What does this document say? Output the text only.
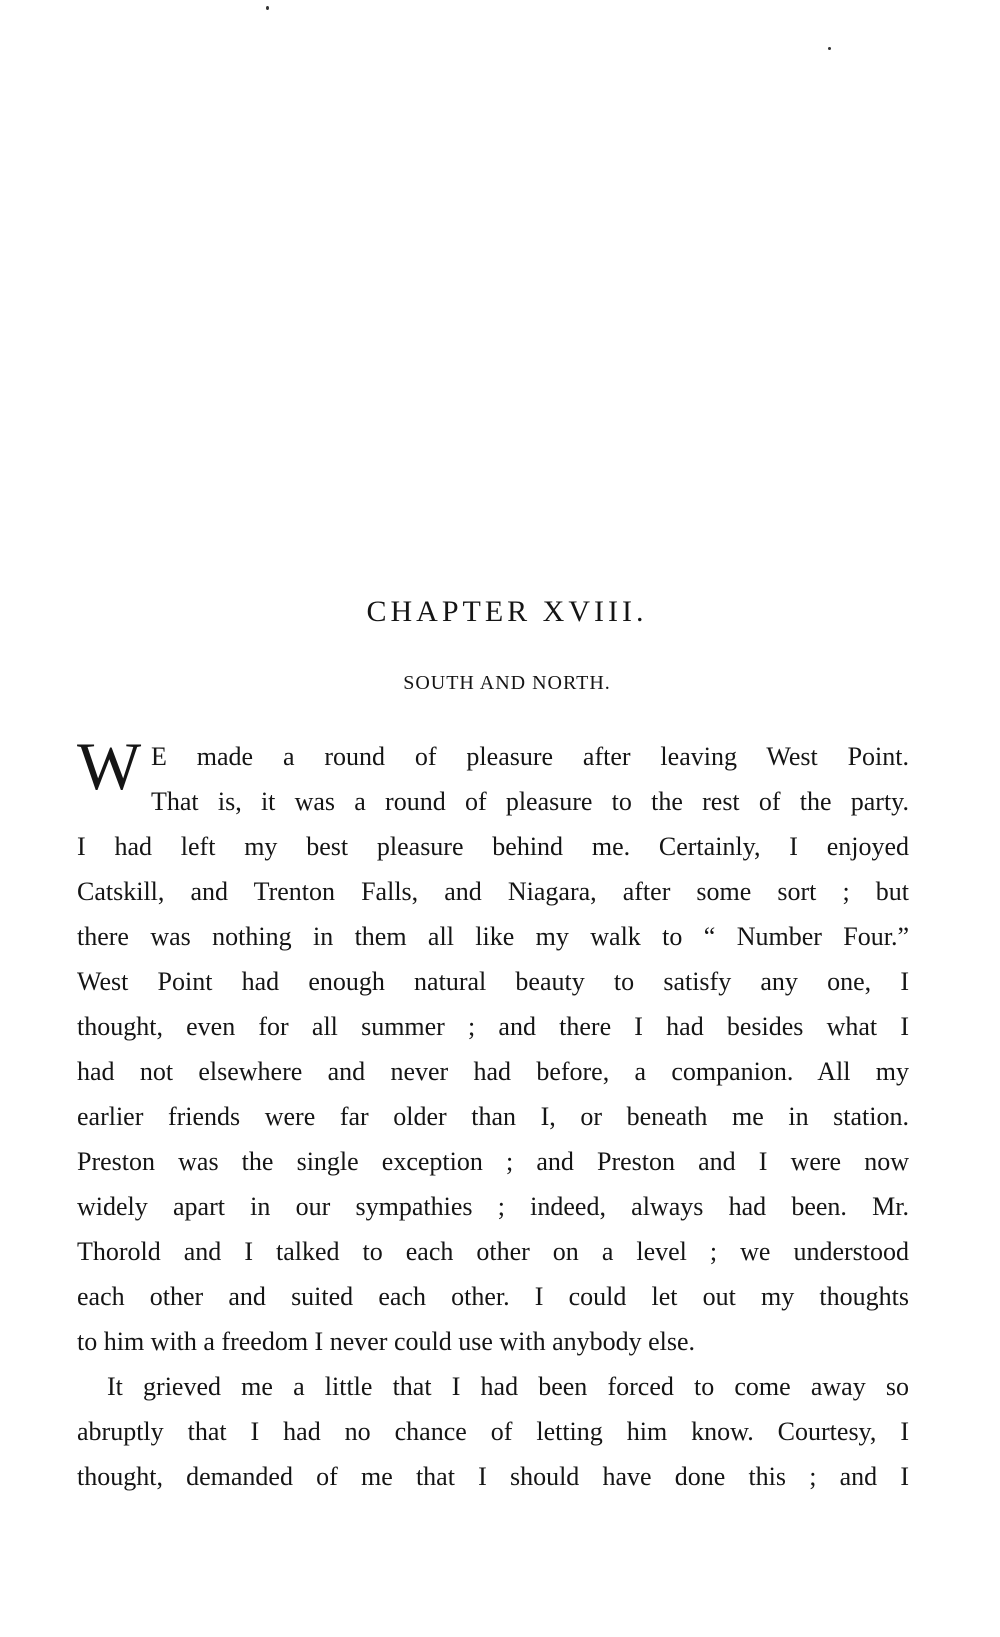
CHAPTER XVIII.
SOUTH AND NORTH.
W E made a round of pleasure after leaving West Point.
That is, it was a round of pleasure to the rest of the party.
I had left my best pleasure behind me. Certainly, I enjoyed
Catskill, and Trenton Falls, and Niagara, after some sort ; but
there was nothing in them all like my walk to “ Number Four.”
West Point had enough natural beauty to satisfy any one, I
thought, even for all summer ; and there I had besides what I
had not elsewhere and never had before, a companion. All my
earlier friends were far older than I, or beneath me in station.
Preston was the single exception ; and Preston and I were now
widely apart in our sympathies ; indeed, always had been. Mr.
Thorold and I talked to each other on a level ; we understood
each other and suited each other. I could let out my thoughts
to him with a freedom I never could use with anybody else.
It grieved me a little that I had been forced to come away so
abruptly that I had no chance of letting him know. Courtesy, I
thought, demanded of me that I should have done this ; and I
